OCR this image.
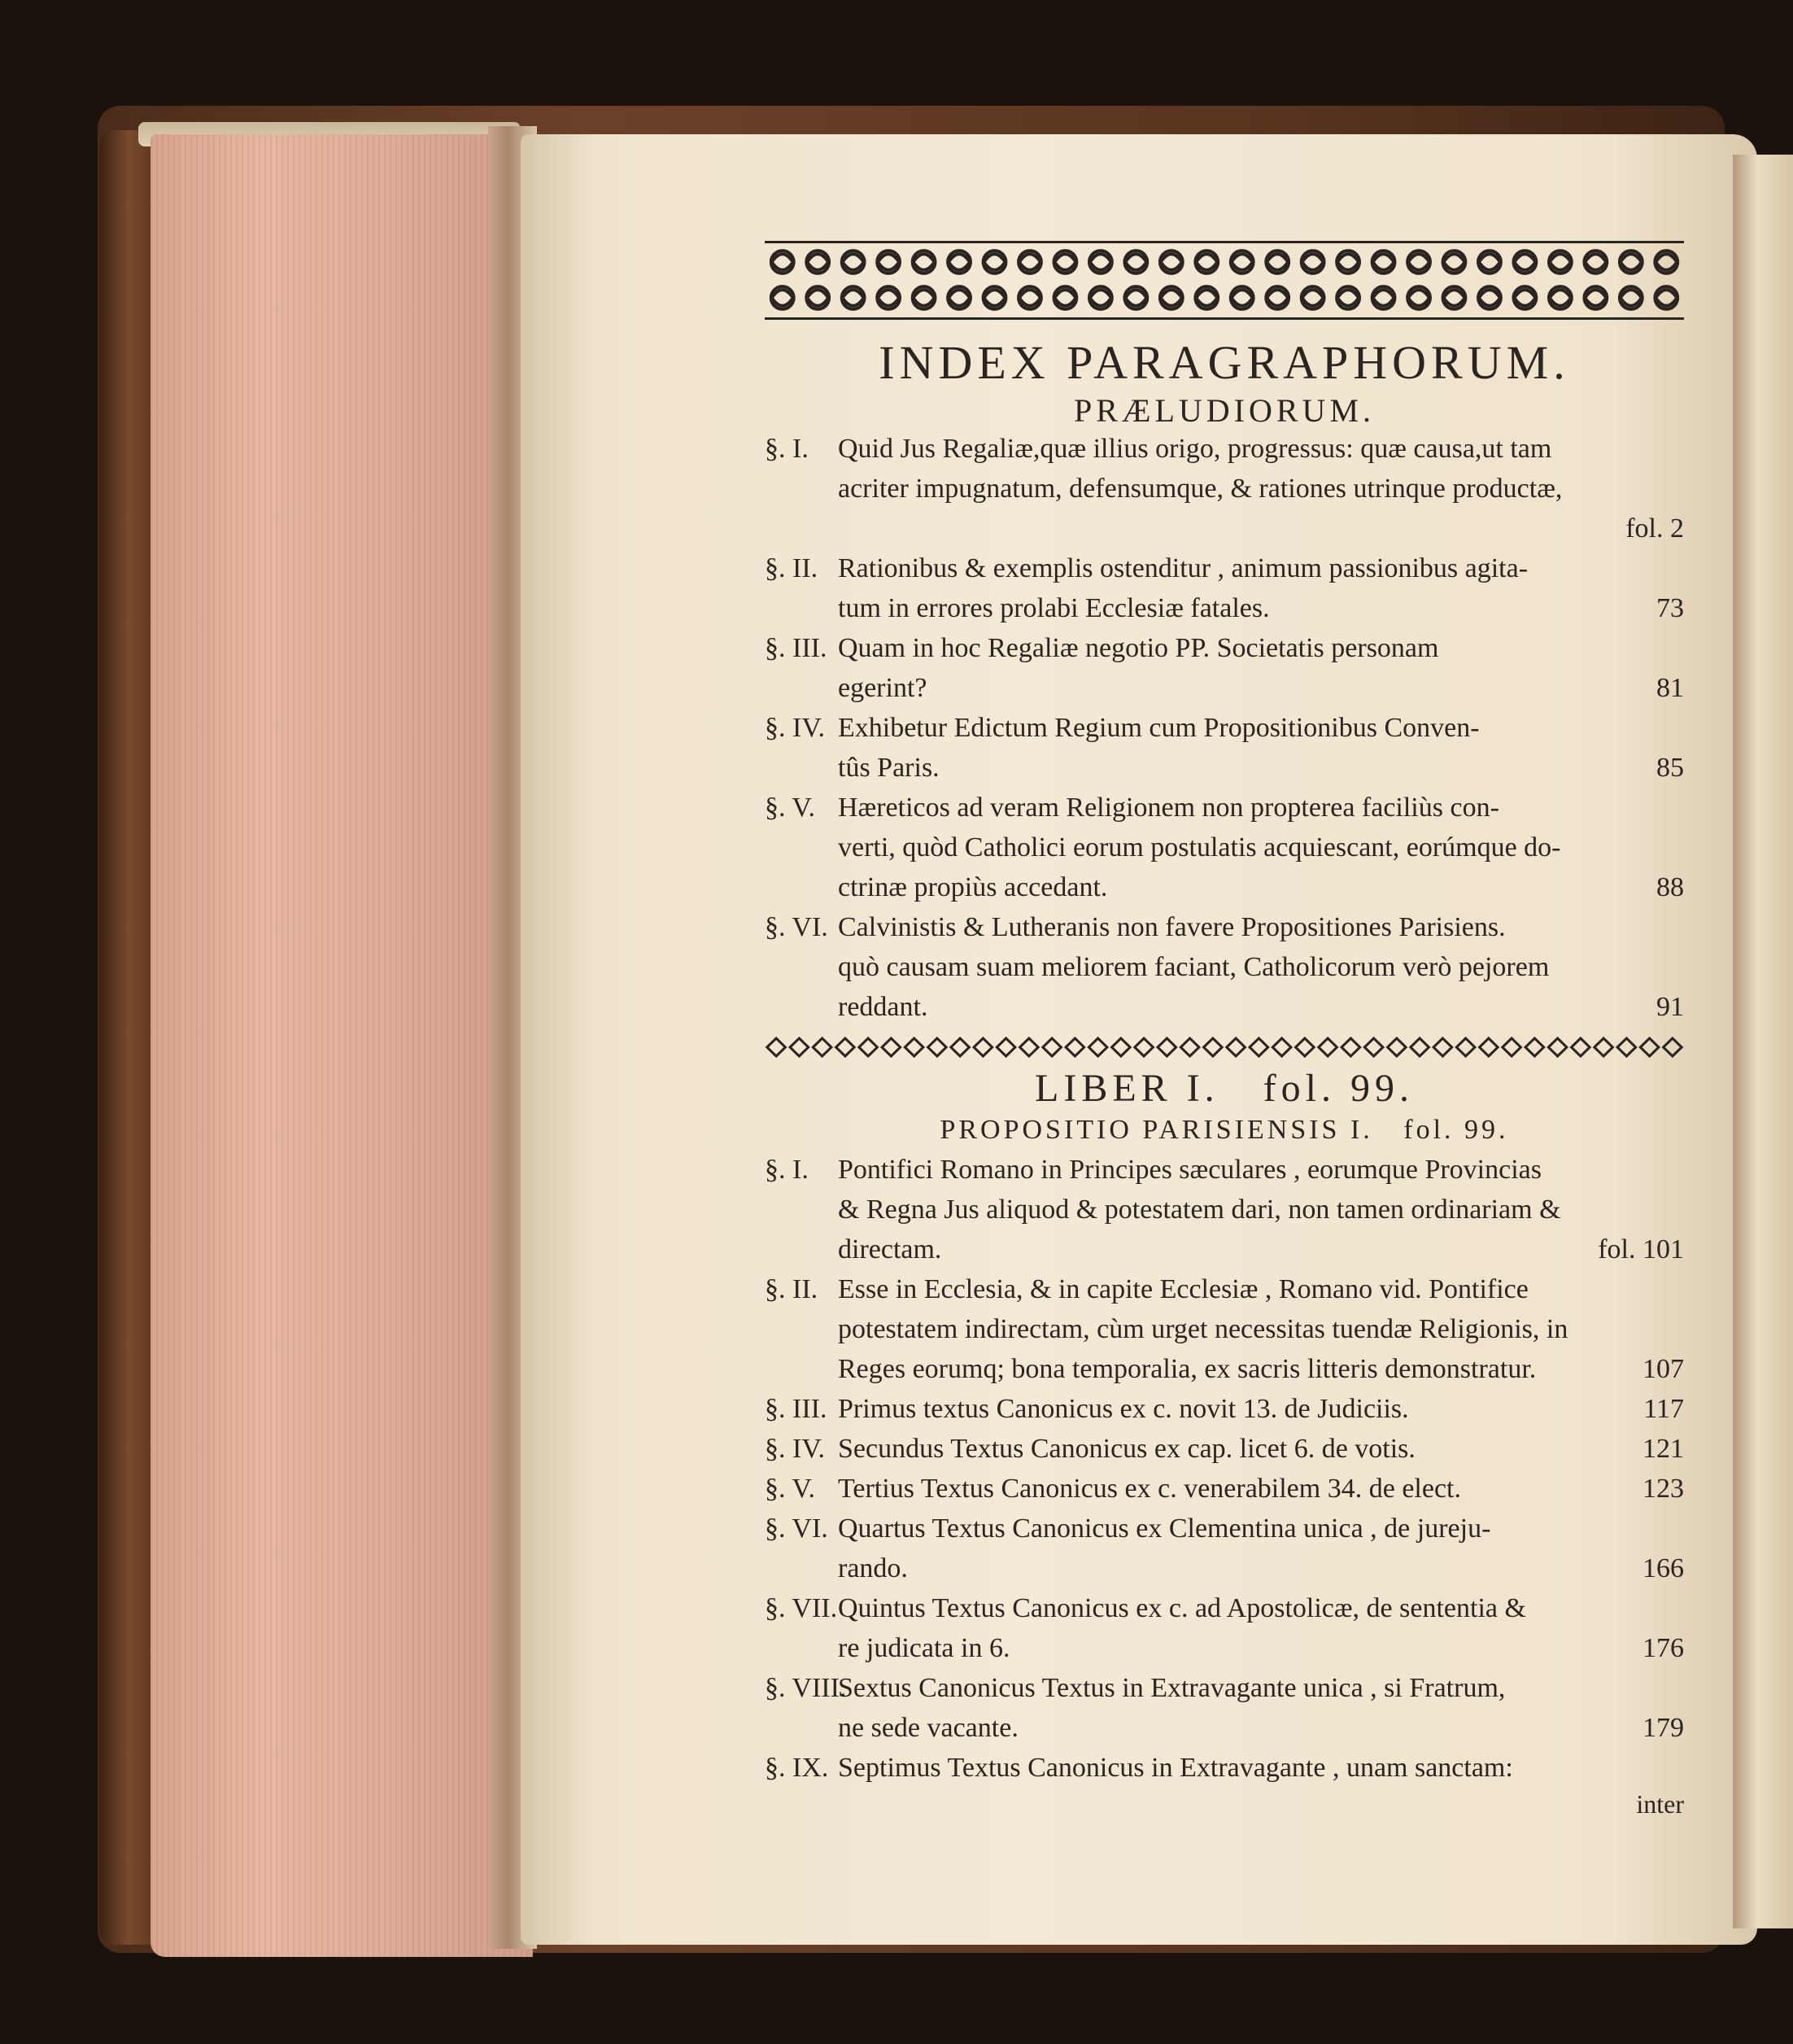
INDEX PARAGRAPHORUM.
PRÆLUDIORUM.
§. I.	Quid Jus Regaliæ,quæ illius origo, progressus: quæ causa,ut tam
acriter impugnatum, defensumque, & rationes utrinque productæ,
fol. 2
§. II. Rationibus & exemplis ostenditur , animum passionibus agita-
tum in errores prolabi Ecclesiæ fatales.	73
§. III. Quam in hoc Regaliæ negotio PP. Societatis personam
egerint?	81
§. IV. Exhibetur Edictum Regium cum Propositionibus Conven-
tûs Paris.	85
§. V. Hæreticos ad veram Religionem non propterea faciliùs con-
verti, quòd Catholici eorum postulatis acquiescant, eorúmque do-
ctrinæ propiùs accedant.	88
§. VI. Calvinistis & Lutheranis non favere Propositiones Parisiens.
quò causam suam meliorem faciant, Catholicorum verò pejorem
reddant.	91
LIBER I. fol. 99.
PROPOSITIO PARISIENSIS I. fol. 99.
§. I.	Pontifici Romano in Principes sæculares , eorumque Provincias
& Regna Jus aliquod & potestatem dari, non tamen ordinariam &
directam.	fol. 101
§. II. Esse in Ecclesia, & in capite Ecclesiæ , Romano vid. Pontifice
potestatem indirectam, cùm urget necessitas tuendæ Religionis, in
Reges eorumq; bona temporalia, ex sacris litteris demonstratur.	107
§. III. Primus textus Canonicus ex c. novit 13. de Judiciis.	117
§. IV. Secundus Textus Canonicus ex cap. licet 6. de votis.	121
§. V. Tertius Textus Canonicus ex c. venerabilem 34. de elect.	123
§. VI. Quartus Textus Canonicus ex Clementina unica , de jureju-
rando.	166
§. VII. Quintus Textus Canonicus ex c. ad Apostolicæ, de sententia &
re judicata in 6.	176
§. VIII.
Sextus Canonicus Textus in Extravagante unica , si Fratrum,
ne sede vacante.	179
§. IX. Septimus Textus Canonicus in Extravagante , unam sanctam:
inter
